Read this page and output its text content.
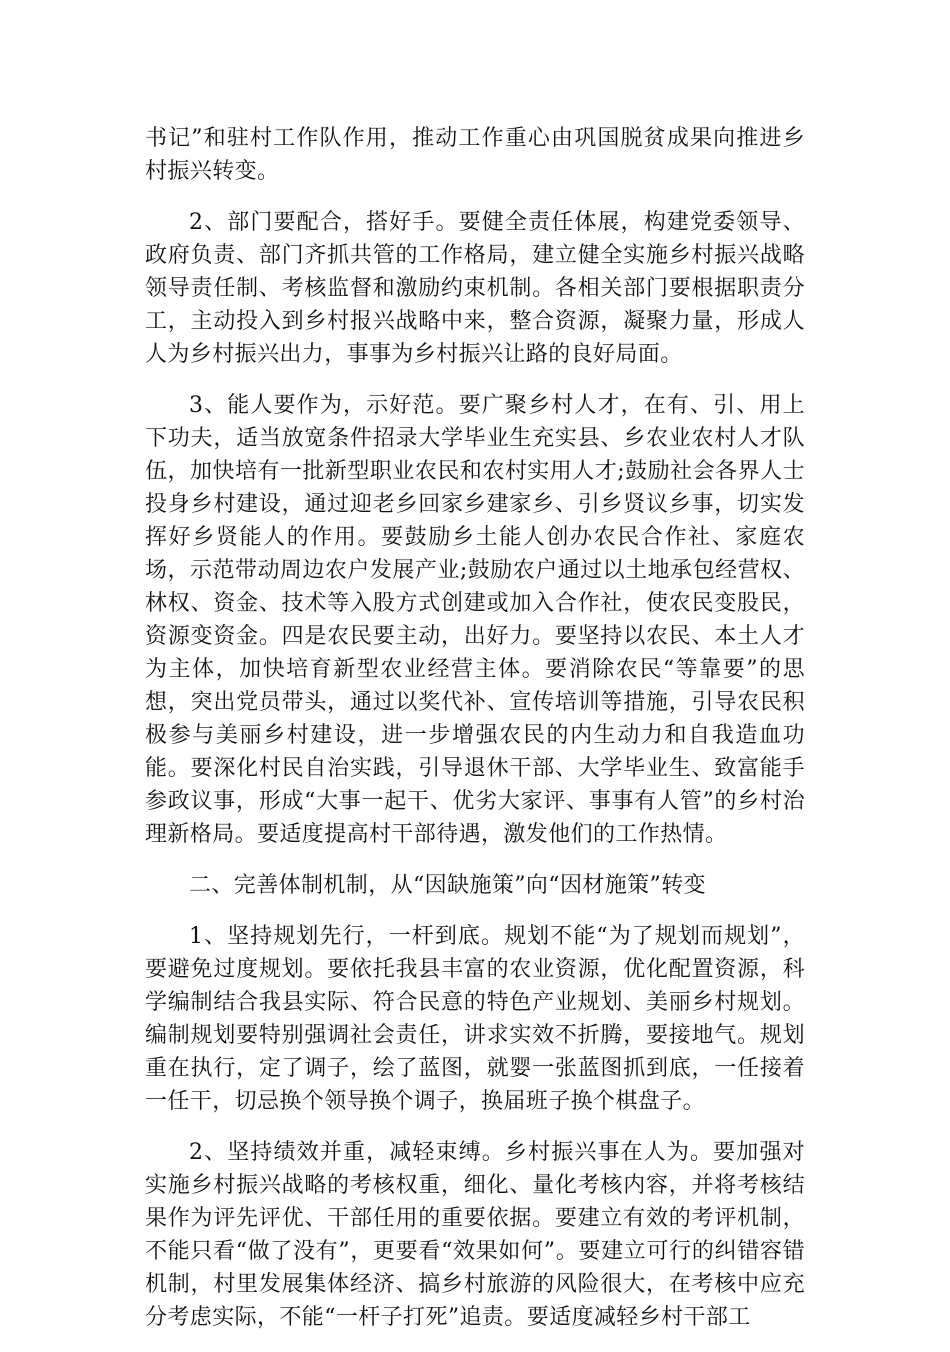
书记”和驻村工作队作用，推动工作重心由巩国脱贫成果向推进乡村振兴转变。

2、部门要配合，搭好手。要健全责任体展，构建党委领导、政府负责、部门齐抓共管的工作格局，建立健全实施乡村振兴战略领导责任制、考核监督和激励约束机制。各相关部门要根据职责分工，主动投入到乡村报兴战略中来，整合资源，凝聚力量，形成人人为乡村振兴出力，事事为乡村振兴让路的良好局面。

3、能人要作为，示好范。要广聚乡村人才，在有、引、用上下功夫，适当放宽条件招录大学毕业生充实县、乡农业农村人才队伍，加快培有一批新型职业农民和农村实用人才;鼓励社会各界人士投身乡村建设，通过迎老乡回家乡建家乡、引乡贤议乡事，切实发挥好乡贤能人的作用。要鼓励乡土能人创办农民合作社、家庭农场，示范带动周边农户发展产业;鼓励农户通过以土地承包经营权、林权、资金、技术等入股方式创建或加入合作社，使农民变股民，资源变资金。四是农民要主动，出好力。要坚持以农民、本土人才为主体，加快培育新型农业经营主体。要消除农民“等靠要”的思想，突出党员带头，通过以奖代补、宣传培训等措施，引导农民积极参与美丽乡村建设，进一步增强农民的内生动力和自我造血功能。要深化村民自治实践，引导退休干部、大学毕业生、致富能手参政议事，形成“大事一起干、优劣大家评、事事有人管”的乡村治理新格局。要适度提高村干部待遇，激发他们的工作热情。

二、完善体制机制，从“因缺施策”向“因材施策”转变

1、坚持规划先行，一杆到底。规划不能“为了规划而规划”，要避免过度规划。要依托我县丰富的农业资源，优化配置资源，科学编制结合我县实际、符合民意的特色产业规划、美丽乡村规划。编制规划要特别强调社会责任，讲求实效不折腾，要接地气。规划重在执行，定了调子，绘了蓝图，就婴一张蓝图抓到底，一任接着一任干，切忌换个领导换个调子，换届班子换个棋盘子。

2、坚持绩效并重，减轻束缚。乡村振兴事在人为。要加强对实施乡村振兴战略的考核权重，细化、量化考核内容，并将考核结果作为评先评优、干部任用的重要依据。要建立有效的考评机制，不能只看“做了没有”，更要看“效果如何”。要建立可行的纠错容错机制，村里发展集体经济、搞乡村旅游的风险很大，在考核中应充分考虑实际，不能“一杆子打死”追责。要适度减轻乡村干部工
